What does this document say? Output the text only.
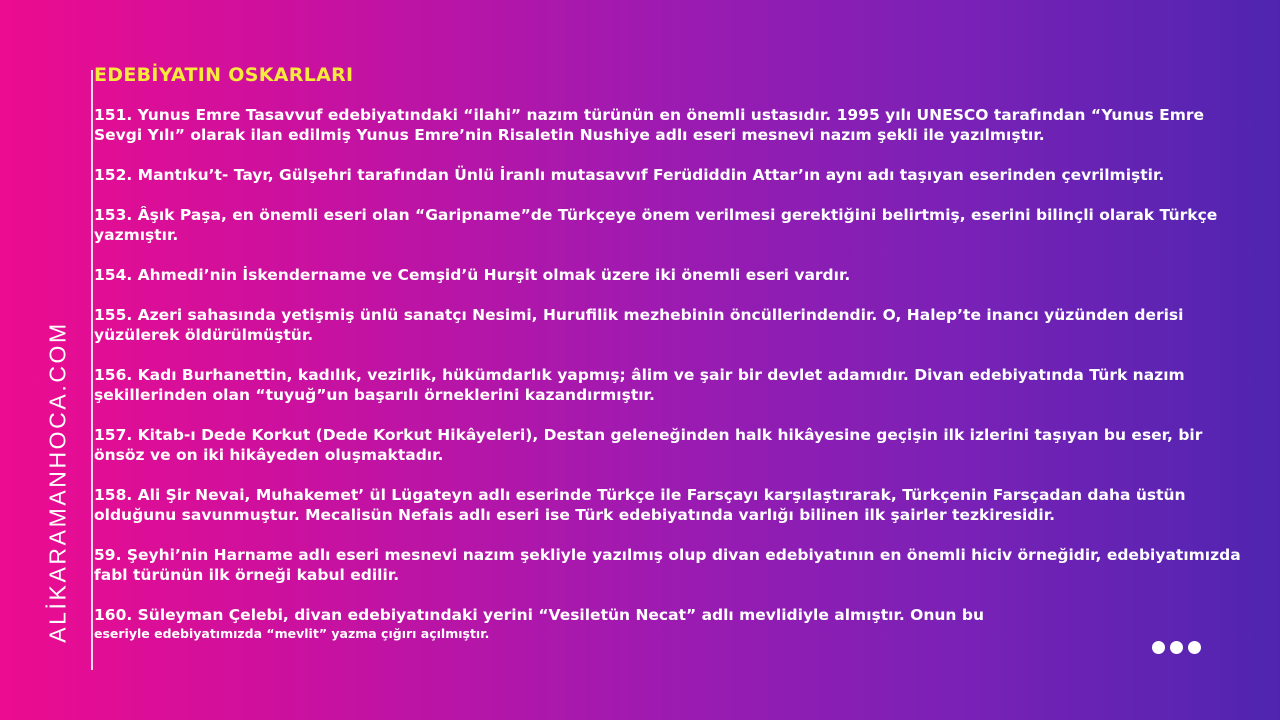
ALİKARAMANHOCA.COM
EDEBİYATIN OSKARLARI
151. Yunus Emre Tasavvuf edebiyatındaki “ilahi” nazım türünün en önemli ustasıdır. 1995 yılı UNESCO tarafından “Yunus Emre Sevgi Yılı” olarak ilan edilmiş Yunus Emre’nin Risaletin Nushiye adlı eseri mesnevi nazım şekli ile yazılmıştır.
152. Mantıku’t- Tayr, Gülşehri tarafından Ünlü İranlı mutasavvıf Ferüdiddin Attar’ın aynı adı taşıyan eserinden çevrilmiştir.
153. Âşık Paşa, en önemli eseri olan “Garipname”de Türkçeye önem verilmesi gerektiğini belirtmiş, eserini bilinçli olarak Türkçe yazmıştır.
154. Ahmedi’nin İskendername ve Cemşid’ü Hurşit olmak üzere iki önemli eseri vardır.
155. Azeri sahasında yetişmiş ünlü sanatçı Nesimi, Hurufilik mezhebinin öncüllerindendir. O, Halep’te inancı yüzünden derisi yüzülerek öldürülmüştür.
156. Kadı Burhanettin, kadılık, vezirlik, hükümdarlık yapmış; âlim ve şair bir devlet adamıdır. Divan edebiyatında Türk nazım şekillerinden olan “tuyuğ”un başarılı örneklerini kazandırmıştır.
157. Kitab-ı Dede Korkut (Dede Korkut Hikâyeleri), Destan geleneğinden halk hikâyesine geçişin ilk izlerini taşıyan bu eser, bir önsöz ve on iki hikâyeden oluşmaktadır.
158. Ali Şir Nevai, Muhakemet’ ül Lügateyn adlı eserinde Türkçe ile Farsçayı karşılaştırarak, Türkçenin Farsçadan daha üstün olduğunu savunmuştur. Mecalisün Nefais adlı eseri ise Türk edebiyatında varlığı bilinen ilk şairler tezkiresidir.
59. Şeyhi’nin Harname adlı eseri mesnevi nazım şekliyle yazılmış olup divan edebiyatının en önemli hiciv örneğidir, edebiyatımızda fabl türünün ilk örneği kabul edilir.
160. Süleyman Çelebi, divan edebiyatındaki yerini “Vesiletün Necat” adlı mevlidiyle almıştır. Onun bu
eseriyle edebiyatımızda “mevlit” yazma çığırı açılmıştır.
